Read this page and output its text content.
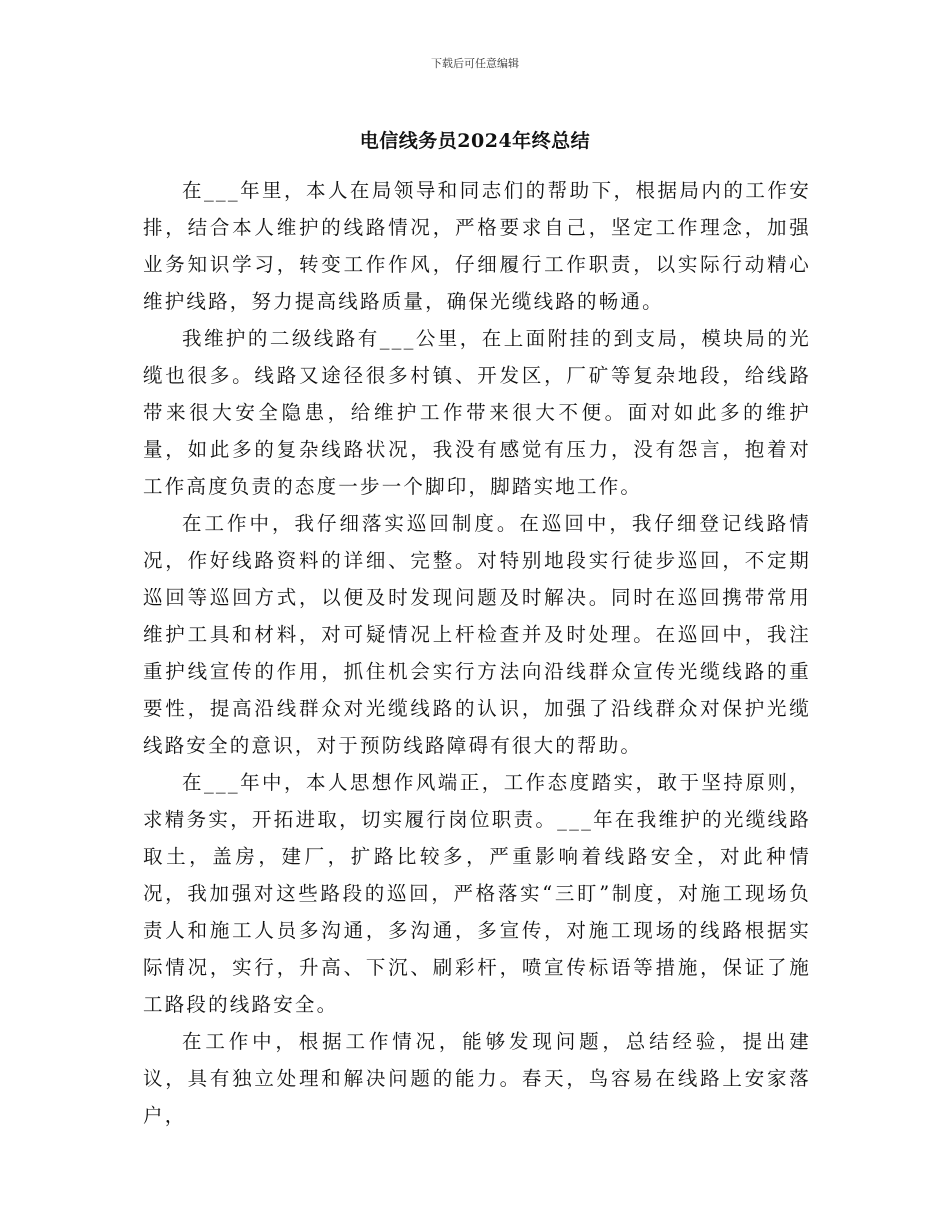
下载后可任意编辑
电信线务员2024年终总结

在___年里，本人在局领导和同志们的帮助下，根据局内的工作安排，结合本人维护的线路情况，严格要求自己，坚定工作理念，加强业务知识学习，转变工作作风，仔细履行工作职责，以实际行动精心维护线路，努力提高线路质量，确保光缆线路的畅通。

我维护的二级线路有___公里，在上面附挂的到支局，模块局的光缆也很多。线路又途径很多村镇、开发区，厂矿等复杂地段，给线路带来很大安全隐患，给维护工作带来很大不便。面对如此多的维护量，如此多的复杂线路状况，我没有感觉有压力，没有怨言，抱着对工作高度负责的态度一步一个脚印，脚踏实地工作。

在工作中，我仔细落实巡回制度。在巡回中，我仔细登记线路情况，作好线路资料的详细、完整。对特别地段实行徒步巡回，不定期巡回等巡回方式，以便及时发现问题及时解决。同时在巡回携带常用维护工具和材料，对可疑情况上杆检查并及时处理。在巡回中，我注重护线宣传的作用，抓住机会实行方法向沿线群众宣传光缆线路的重要性，提高沿线群众对光缆线路的认识，加强了沿线群众对保护光缆线路安全的意识，对于预防线路障碍有很大的帮助。

在___年中，本人思想作风端正，工作态度踏实，敢于坚持原则，求精务实，开拓进取，切实履行岗位职责。___年在我维护的光缆线路取土，盖房，建厂，扩路比较多，严重影响着线路安全，对此种情况，我加强对这些路段的巡回，严格落实“三盯”制度，对施工现场负责人和施工人员多沟通，多沟通，多宣传，对施工现场的线路根据实际情况，实行，升高、下沉、刷彩杆，喷宣传标语等措施，保证了施工路段的线路安全。

在工作中，根据工作情况，能够发现问题，总结经验，提出建议，具有独立处理和解决问题的能力。春天，鸟容易在线路上安家落户，
